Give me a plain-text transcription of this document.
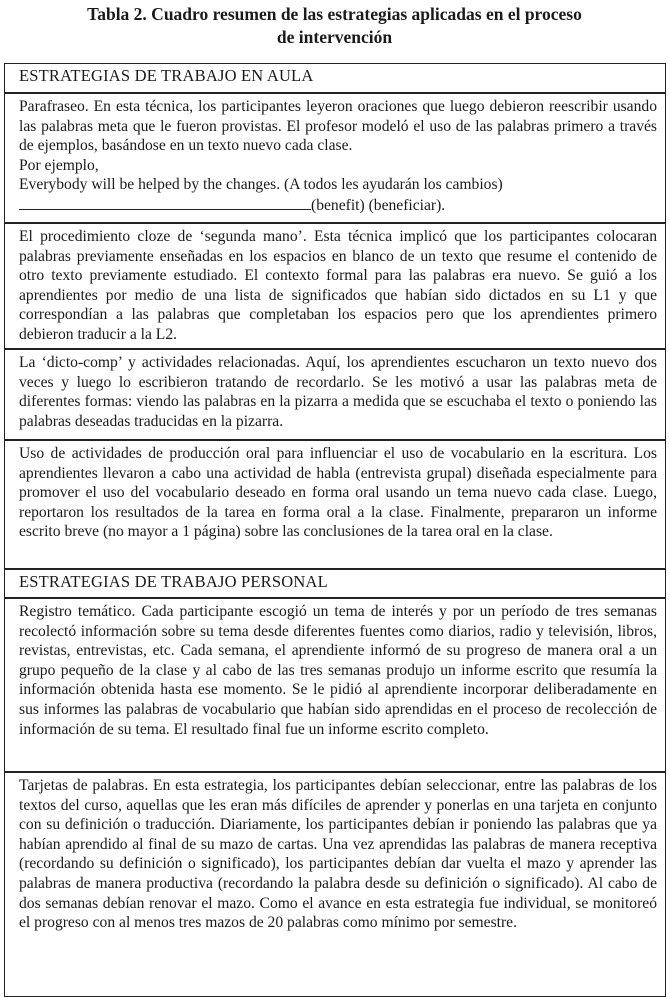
Tabla 2. Cuadro resumen de las estrategias aplicadas en el proceso
de intervención
ESTRATEGIAS DE TRABAJO EN AULA

Parafraseo. En esta técnica, los participantes leyeron oraciones que luego debieron reescribir usando las palabras meta que le fueron provistas. El profesor modeló el uso de las palabras primero a través de ejemplos, basándose en un texto nuevo cada clase.

Por ejemplo,

Everybody will be helped by the changes. (A todos les ayudarán los cambios)

(benefit) (beneficiar).

El procedimiento cloze de ‘segunda mano’. Esta técnica implicó que los participantes colocaran palabras previamente enseñadas en los espacios en blanco de un texto que resume el contenido de otro texto previamente estudiado. El contexto formal para las palabras era nuevo. Se guió a los aprendientes por medio de una lista de significados que habían sido dictados en su L1 y que correspondían a las palabras que completaban los espacios pero que los aprendientes primero debieron traducir a la L2.

La ‘dicto-comp’ y actividades relacionadas. Aquí, los aprendientes escucharon un texto nuevo dos veces y luego lo escribieron tratando de recordarlo. Se les motivó a usar las palabras meta de diferentes formas: viendo las palabras en la pizarra a medida que se escuchaba el texto o poniendo las palabras deseadas traducidas en la pizarra.

Uso de actividades de producción oral para influenciar el uso de vocabulario en la escritura. Los aprendientes llevaron a cabo una actividad de habla (entrevista grupal) diseñada especialmente para promover el uso del vocabulario deseado en forma oral usando un tema nuevo cada clase. Luego, reportaron los resultados de la tarea en forma oral a la clase. Finalmente, prepararon un informe escrito breve (no mayor a 1 página) sobre las conclusiones de la tarea oral en la clase.

ESTRATEGIAS DE TRABAJO PERSONAL

Registro temático. Cada participante escogió un tema de interés y por un período de tres semanas recolectó información sobre su tema desde diferentes fuentes como diarios, radio y televisión, libros, revistas, entrevistas, etc. Cada semana, el aprendiente informó de su progreso de manera oral a un grupo pequeño de la clase y al cabo de las tres semanas produjo un informe escrito que resumía la información obtenida hasta ese momento. Se le pidió al aprendiente incorporar deliberadamente en sus informes las palabras de vocabulario que habían sido aprendidas en el proceso de recolección de información de su tema. El resultado final fue un informe escrito completo.

Tarjetas de palabras. En esta estrategia, los participantes debían seleccionar, entre las palabras de los textos del curso, aquellas que les eran más difíciles de aprender y ponerlas en una tarjeta en conjunto con su definición o traducción. Diariamente, los participantes debían ir poniendo las palabras que ya habían aprendido al final de su mazo de cartas. Una vez aprendidas las palabras de manera receptiva (recordando su definición o significado), los participantes debían dar vuelta el mazo y aprender las palabras de manera productiva (recordando la palabra desde su definición o significado). Al cabo de dos semanas debían renovar el mazo. Como el avance en esta estrategia fue individual, se monitoreó el progreso con al menos tres mazos de 20 palabras como mínimo por semestre.
